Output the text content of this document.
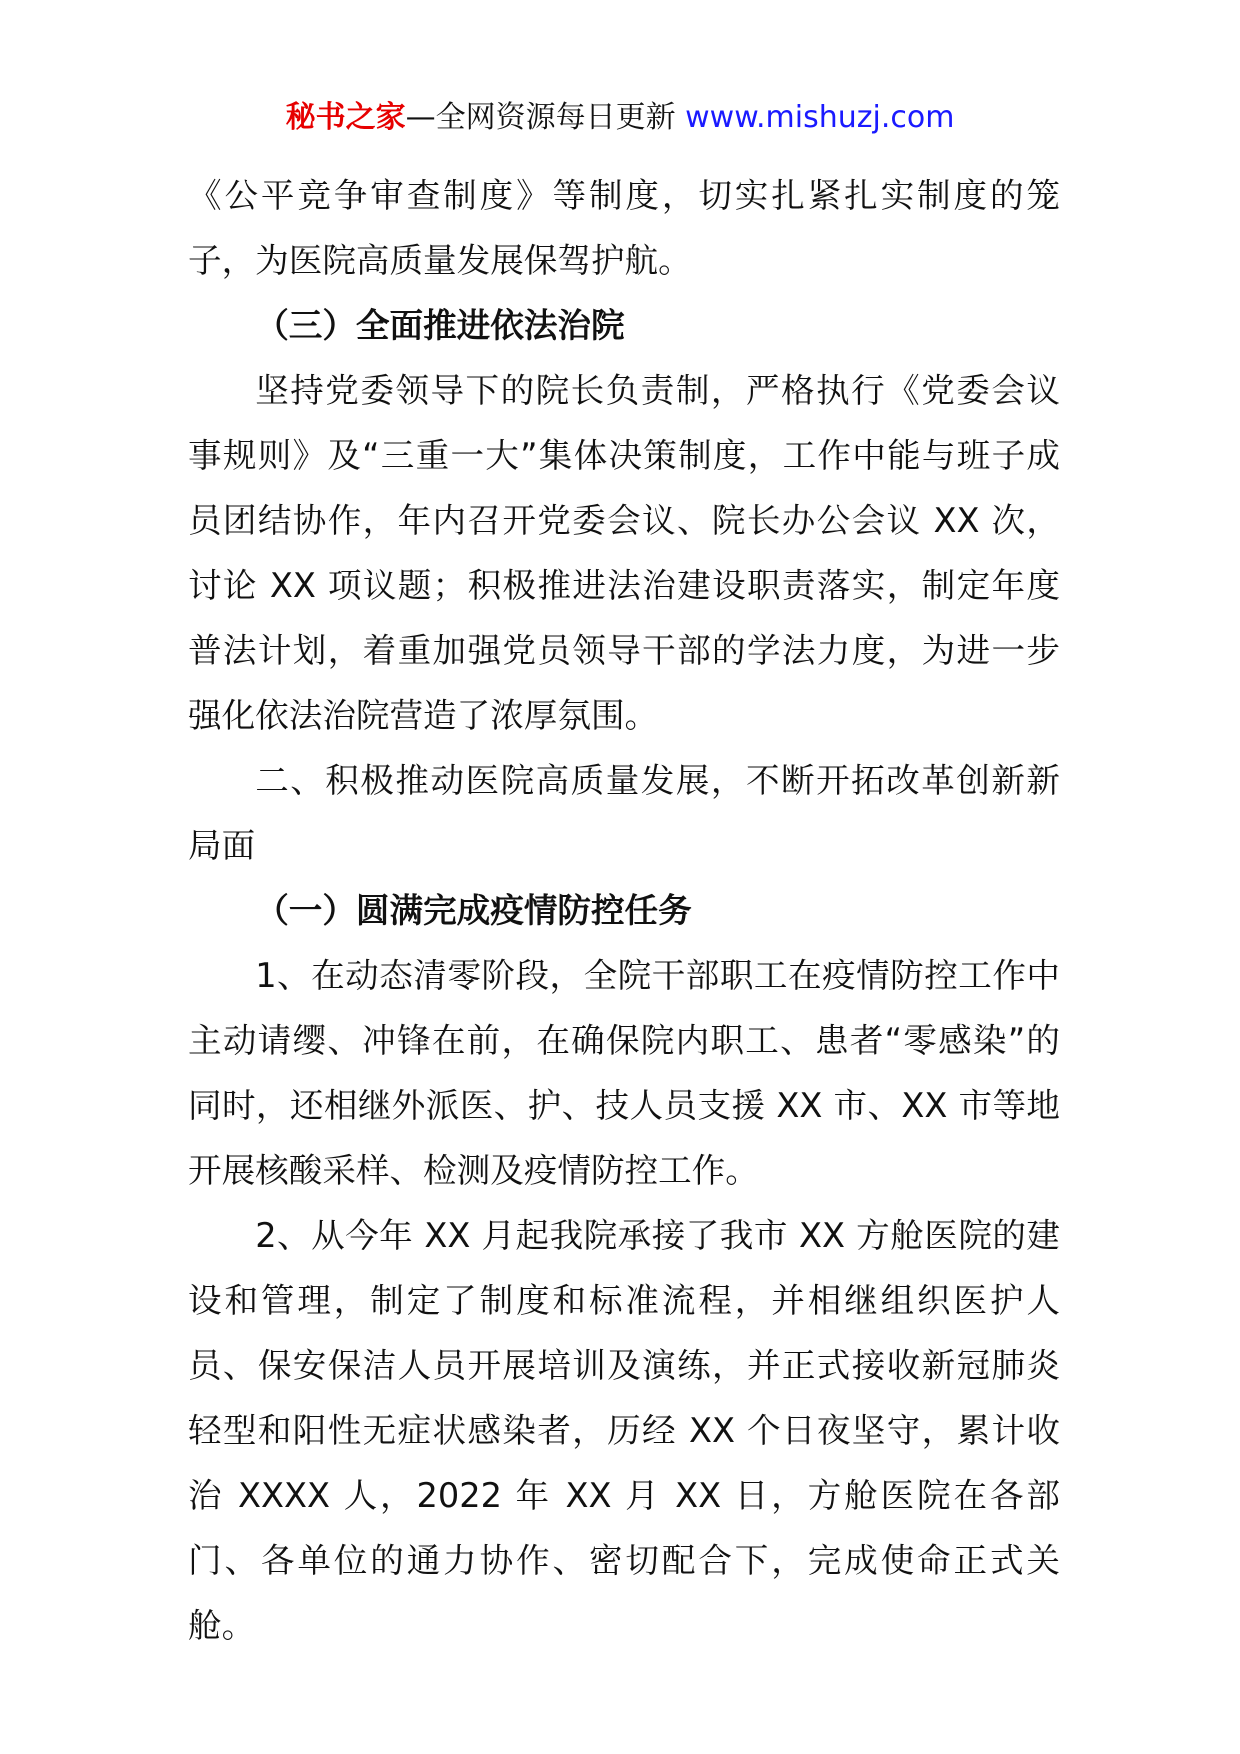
秘书之家—全网资源每日更新 www.mishuzj.com

《公平竞争审查制度》等制度，切实扎紧扎实制度的笼子，为医院高质量发展保驾护航。

（三）全面推进依法治院

坚持党委领导下的院长负责制，严格执行《党委会议事规则》及“三重一大”集体决策制度，工作中能与班子成员团结协作，年内召开党委会议、院长办公会议 XX 次，讨论 XX 项议题；积极推进法治建设职责落实，制定年度普法计划，着重加强党员领导干部的学法力度，为进一步强化依法治院营造了浓厚氛围。

二、积极推动医院高质量发展，不断开拓改革创新新局面

（一）圆满完成疫情防控任务

1、在动态清零阶段，全院干部职工在疫情防控工作中主动请缨、冲锋在前，在确保院内职工、患者“零感染”的同时，还相继外派医、护、技人员支援 XX 市、XX 市等地开展核酸采样、检测及疫情防控工作。

2、从今年 XX 月起我院承接了我市 XX 方舱医院的建设和管理，制定了制度和标准流程，并相继组织医护人员、保安保洁人员开展培训及演练，并正式接收新冠肺炎轻型和阳性无症状感染者，历经 XX 个日夜坚守，累计收治 XXXX 人，2022 年 XX 月 XX 日，方舱医院在各部门、各单位的通力协作、密切配合下，完成使命正式关舱。
